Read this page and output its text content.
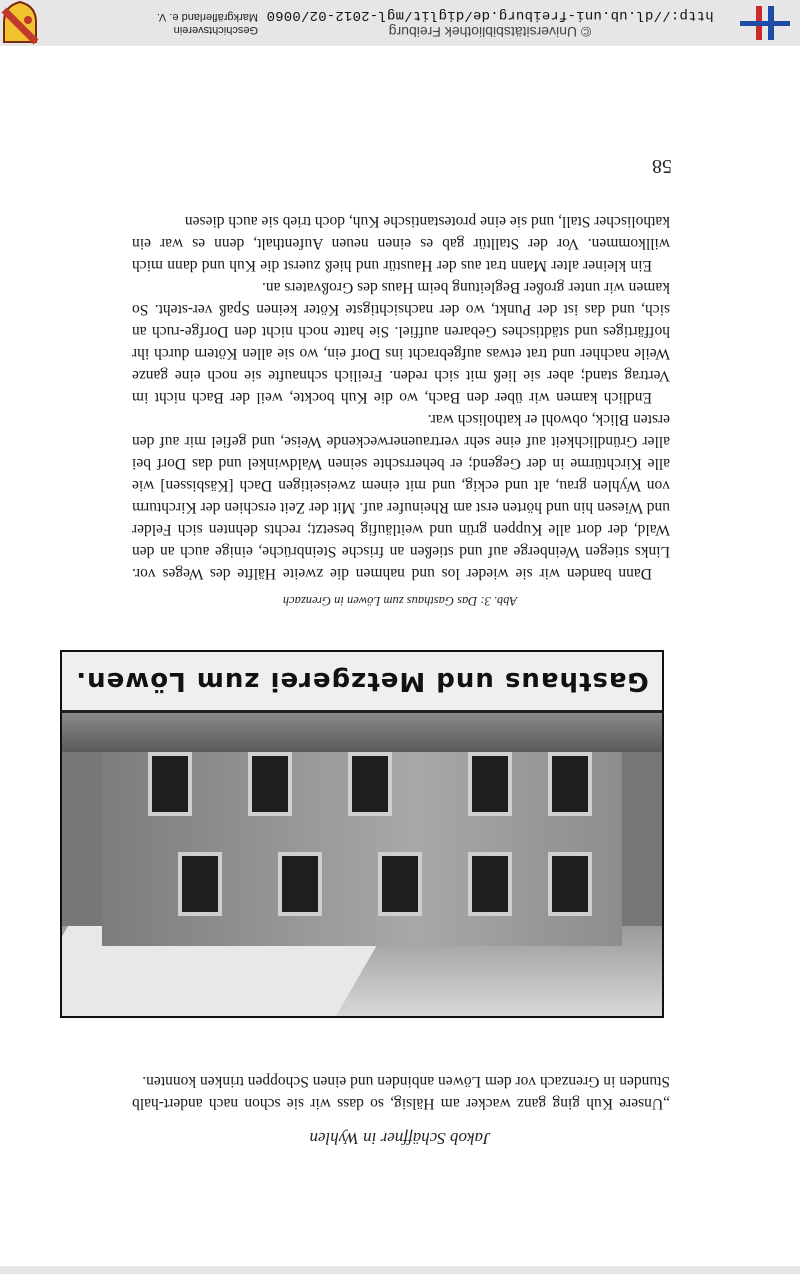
Jakob Schäffner in Wyhlen

„Unsere Kuh ging ganz wacker am Hälsig, so dass wir sie schon nach andert-halb Stunden in Grenzach vor dem Löwen anbinden und einen Schoppen trinken konnten.

Gasthaus und Metzgerei zum Löwen.
Abb. 3: Das Gasthaus zum Löwen in Grenzach

Dann banden wir sie wieder los und nahmen die zweite Hälfte des Weges vor. Links stiegen Weinberge auf und stießen an frische Steinbrüche, einige auch an den Wald, der dort alle Kuppen grün und weitläufig besetzt; rechts dehnten sich Felder und Wiesen hin und hörten erst am Rheinufer auf. Mit der Zeit erschien der Kirchturm von Wyhlen grau, alt und eckig, und mit einem zweiseitigen Dach [Käsbissen] wie alle Kirchtürme in der Gegend; er beherrschte seinen Waldwinkel und das Dorf bei aller Gründlichkeit auf eine sehr vertrauenerweckende Weise, und gefiel mir auf den ersten Blick, obwohl er katholisch war.

Endlich kamen wir über den Bach, wo die Kuh bockte, weil der Bach nicht im Vertrag stand; aber sie ließ mit sich reden. Freilich schnaufte sie noch eine ganze Weile nachher und trat etwas aufgebracht ins Dorf ein, wo sie allen Kötern durch ihr hoffärtiges und städtisches Gebaren auffiel. Sie hatte noch nicht den Dorfge-ruch an sich, und das ist der Punkt, wo der nachsichtigste Köter keinen Spaß ver-steht. So kamen wir unter großer Begleitung beim Haus des Großvaters an.

Ein kleiner alter Mann trat aus der Haustür und hieß zuerst die Kuh und dann mich willkommen. Vor der Stalltür gab es einen neuen Aufenthalt, denn es war ein katholischer Stall, und sie eine protestantische Kuh, doch trieb sie auch diesen

58
© Universitätsbibliothek Freiburg
http://dl.ub.uni-freiburg.de/diglit/mgl-2012-02/0060
Geschichtsverein
Markgräflerland e. V.
